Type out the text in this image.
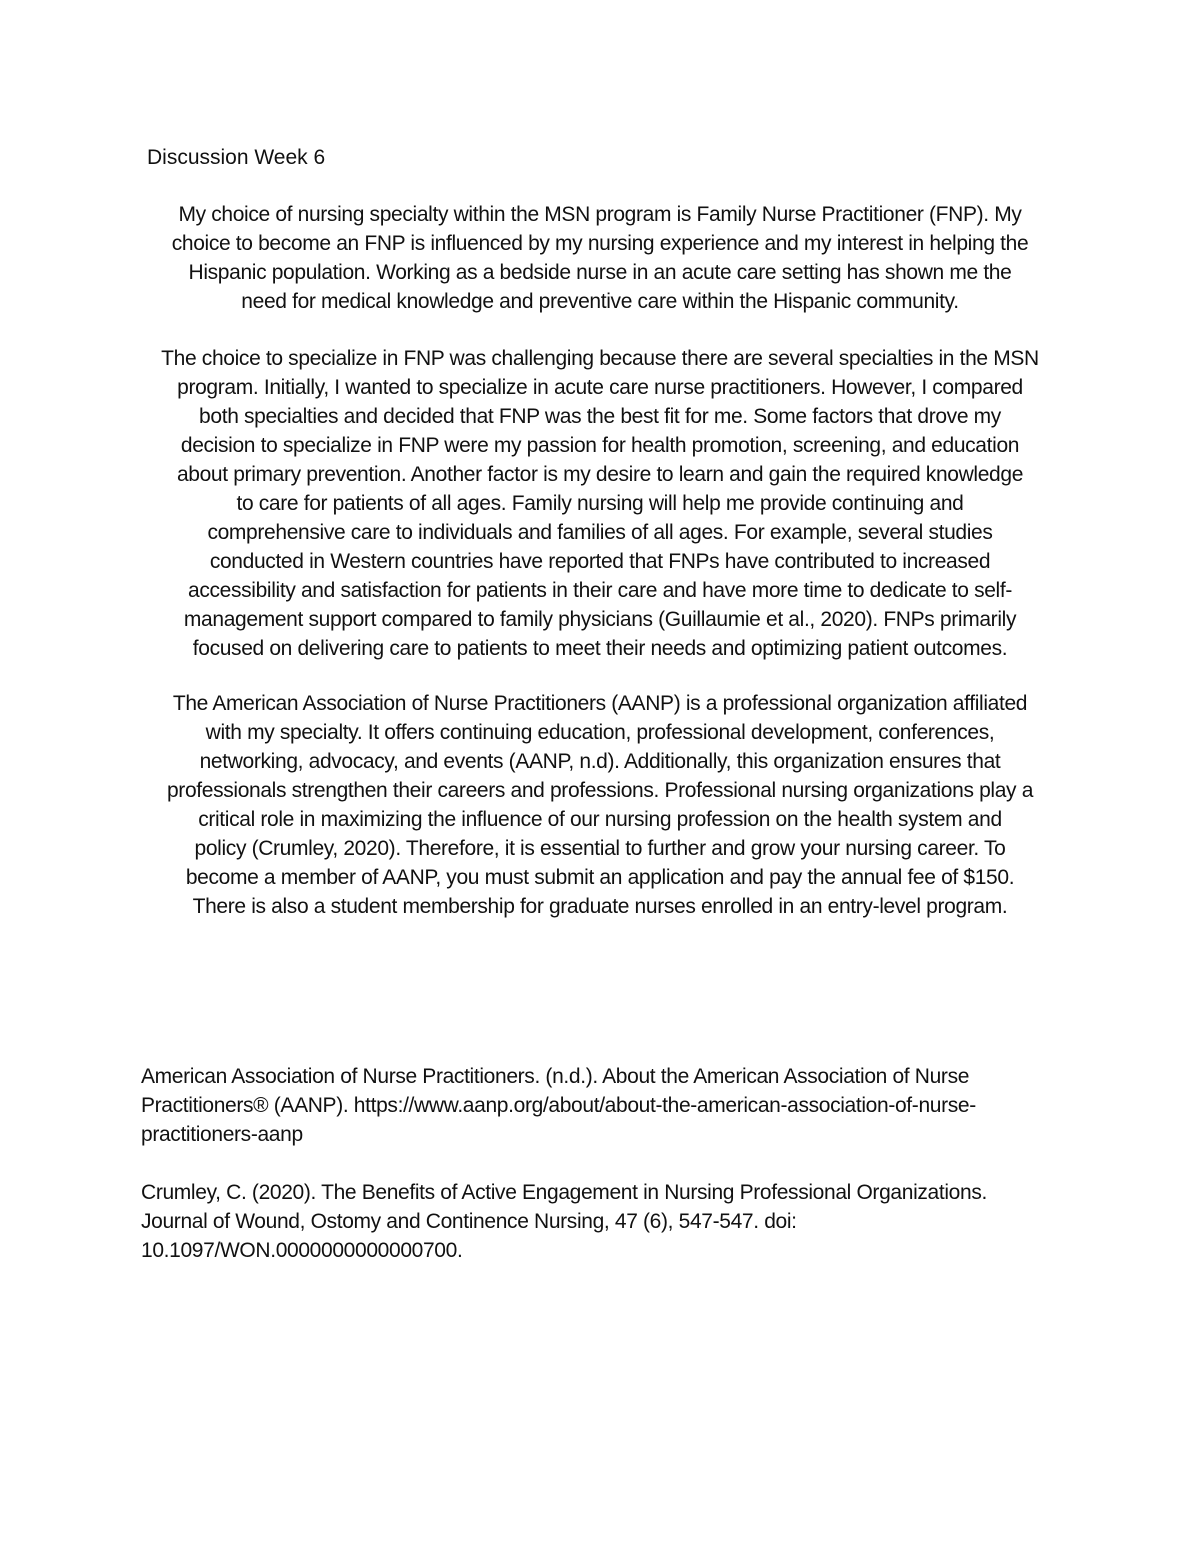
Discussion Week 6
My choice of nursing specialty within the MSN program is Family Nurse Practitioner (FNP). My
choice to become an FNP is influenced by my nursing experience and my interest in helping the
Hispanic population. Working as a bedside nurse in an acute care setting has shown me the
need for medical knowledge and preventive care within the Hispanic community.
The choice to specialize in FNP was challenging because there are several specialties in the MSN
program. Initially, I wanted to specialize in acute care nurse practitioners. However, I compared
both specialties and decided that FNP was the best fit for me. Some factors that drove my
decision to specialize in FNP were my passion for health promotion, screening, and education
about primary prevention. Another factor is my desire to learn and gain the required knowledge
to care for patients of all ages. Family nursing will help me provide continuing and
comprehensive care to individuals and families of all ages. For example, several studies
conducted in Western countries have reported that FNPs have contributed to increased
accessibility and satisfaction for patients in their care and have more time to dedicate to self-
management support compared to family physicians (Guillaumie et al., 2020). FNPs primarily
focused on delivering care to patients to meet their needs and optimizing patient outcomes.
The American Association of Nurse Practitioners (AANP) is a professional organization affiliated
with my specialty. It offers continuing education, professional development, conferences,
networking, advocacy, and events (AANP, n.d). Additionally, this organization ensures that
professionals strengthen their careers and professions. Professional nursing organizations play a
critical role in maximizing the influence of our nursing profession on the health system and
policy (Crumley, 2020). Therefore, it is essential to further and grow your nursing career. To
become a member of AANP, you must submit an application and pay the annual fee of $150.
There is also a student membership for graduate nurses enrolled in an entry-level program.
American Association of Nurse Practitioners. (n.d.). About the American Association of Nurse
Practitioners® (AANP). https://www.aanp.org/about/about-the-american-association-of-nurse-
practitioners-aanp
Crumley, C. (2020). The Benefits of Active Engagement in Nursing Professional Organizations.
Journal of Wound, Ostomy and Continence Nursing, 47 (6), 547-547. doi:
10.1097/WON.0000000000000700.
